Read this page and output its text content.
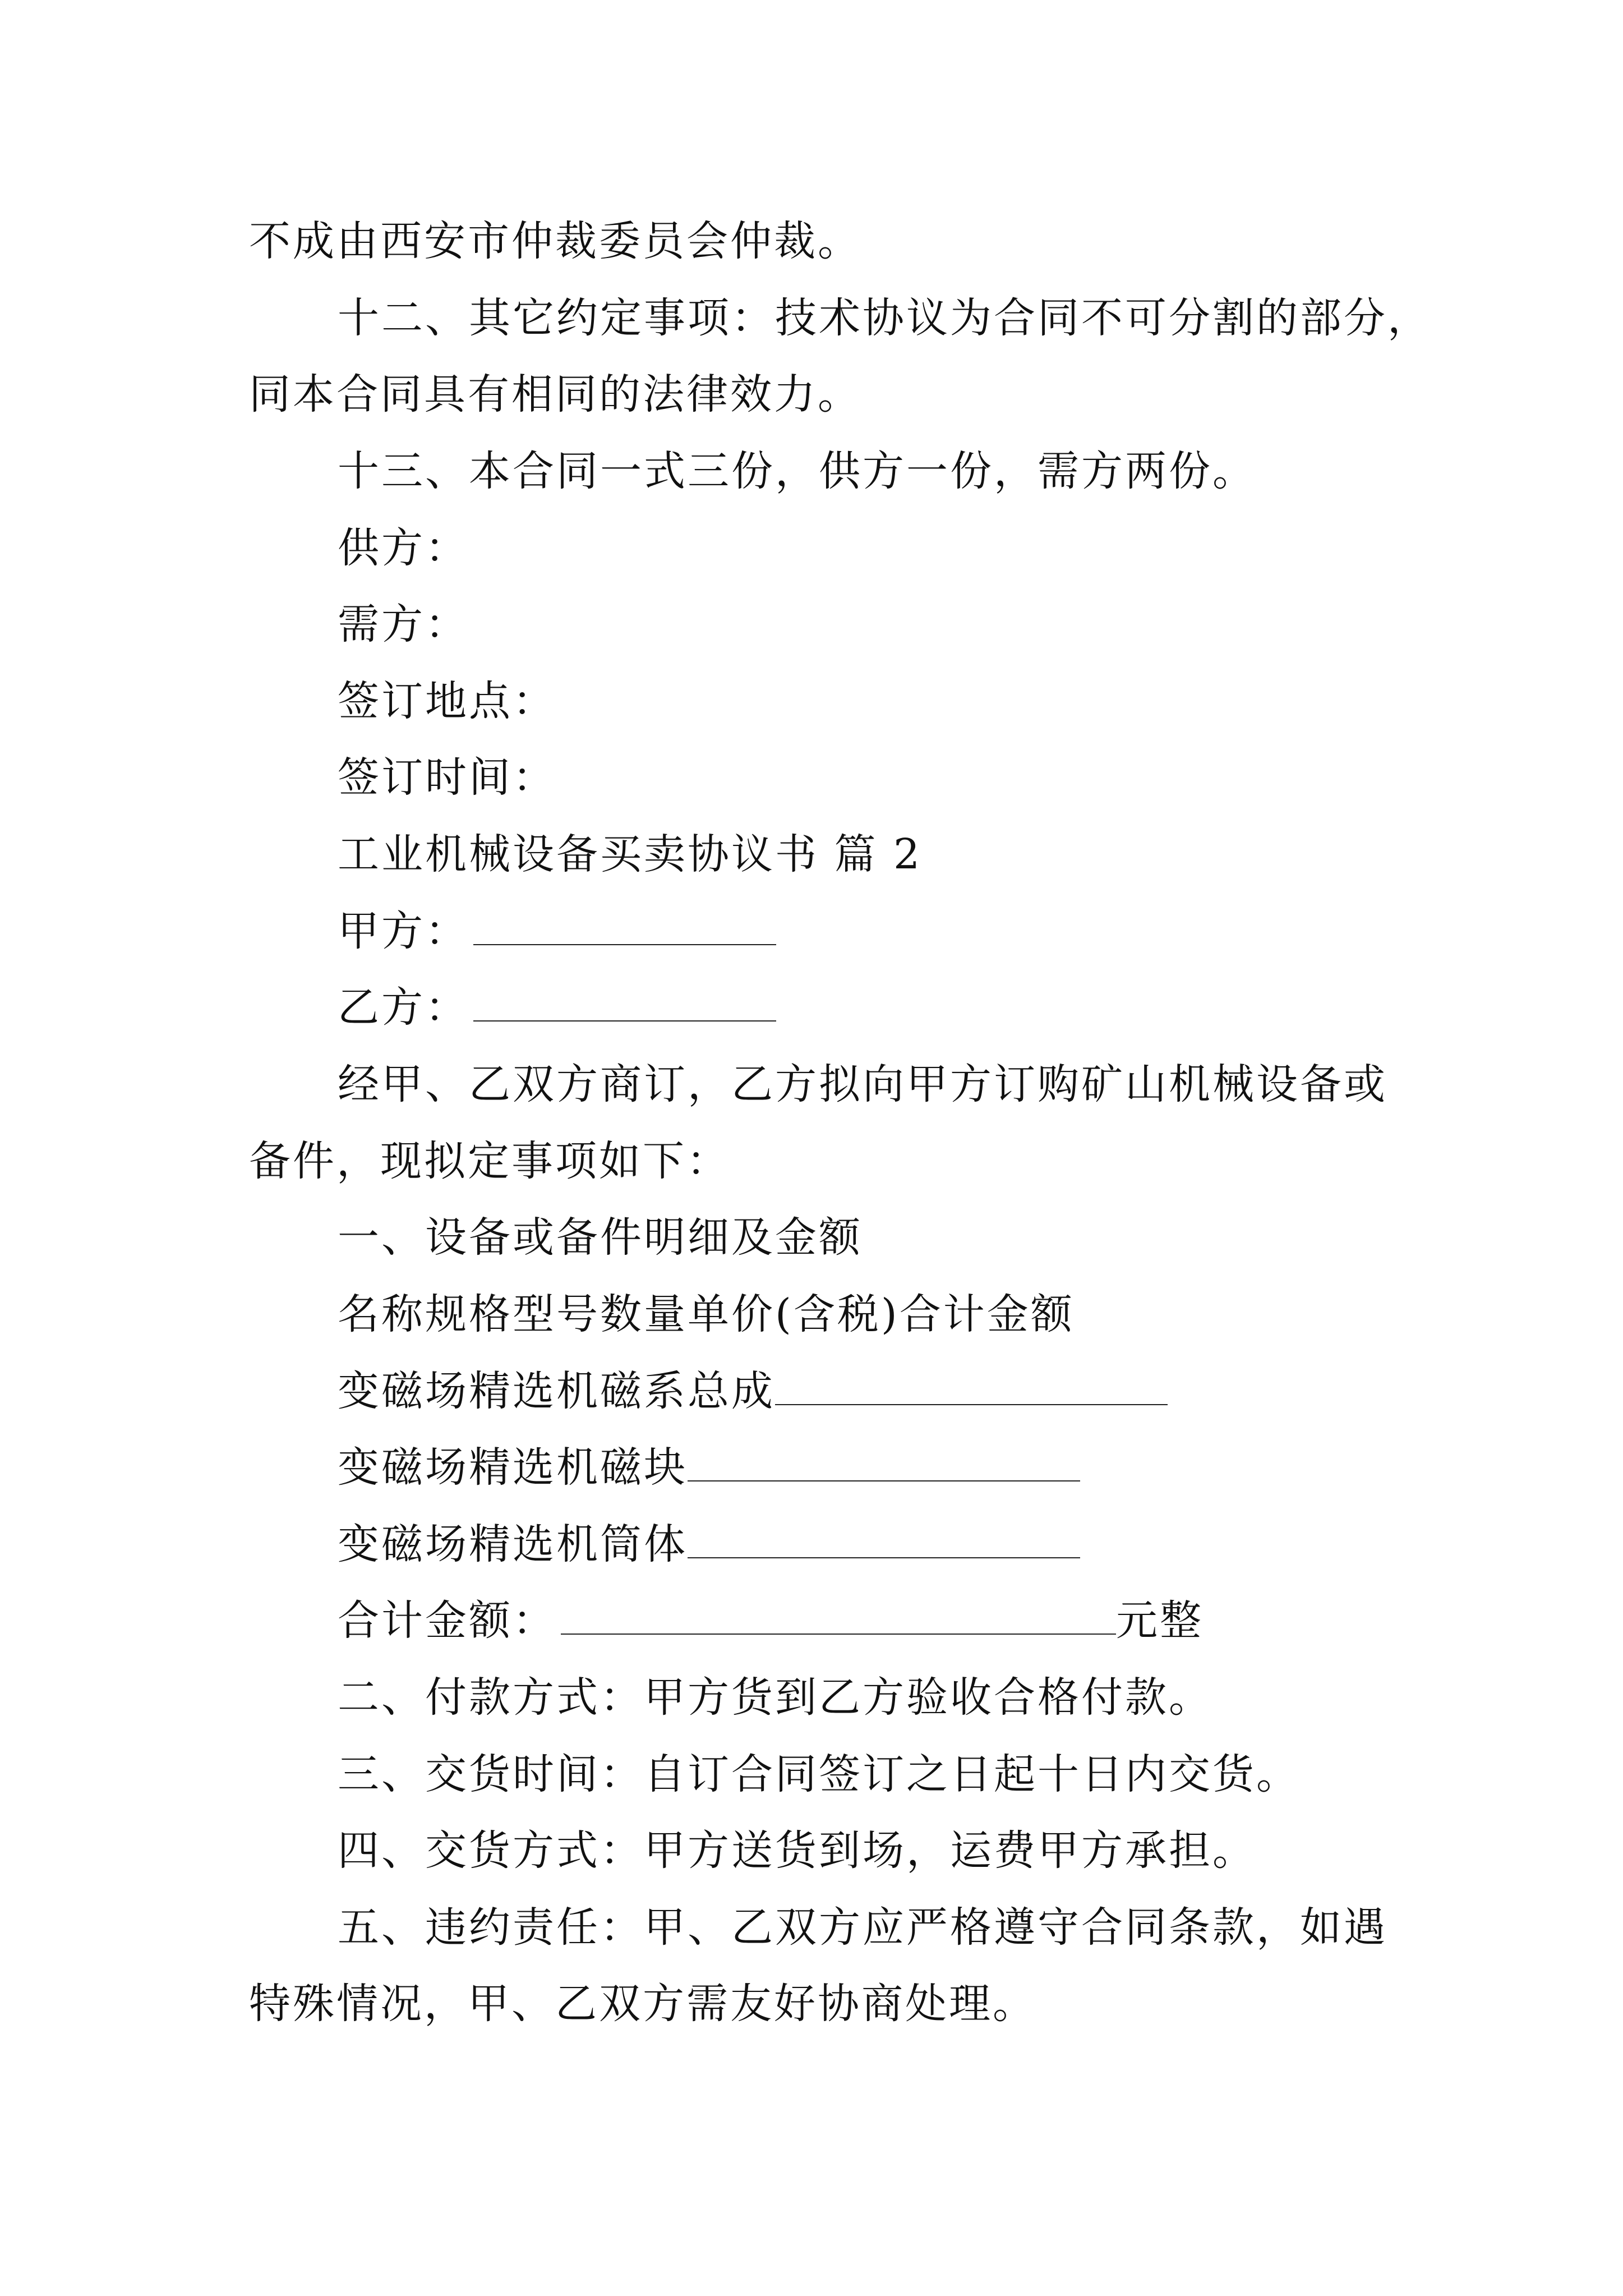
不成由西安市仲裁委员会仲裁。
十二、其它约定事项：技术协议为合同不可分割的部分，
同本合同具有相同的法律效力。
十三、本合同一式三份，供方一份，需方两份。
供方：
需方：
签订地点：
签订时间：
工业机械设备买卖协议书 篇 2
甲方：
乙方：
经甲、乙双方商订，乙方拟向甲方订购矿山机械设备或
备件，现拟定事项如下：
一、设备或备件明细及金额
名称规格型号数量单价(含税)合计金额
变磁场精选机磁系总成
变磁场精选机磁块
变磁场精选机筒体
合计金额：	元整
二、付款方式：甲方货到乙方验收合格付款。
三、交货时间：自订合同签订之日起十日内交货。
四、交货方式：甲方送货到场，运费甲方承担。
五、违约责任：甲、乙双方应严格遵守合同条款，如遇
特殊情况，甲、乙双方需友好协商处理。
